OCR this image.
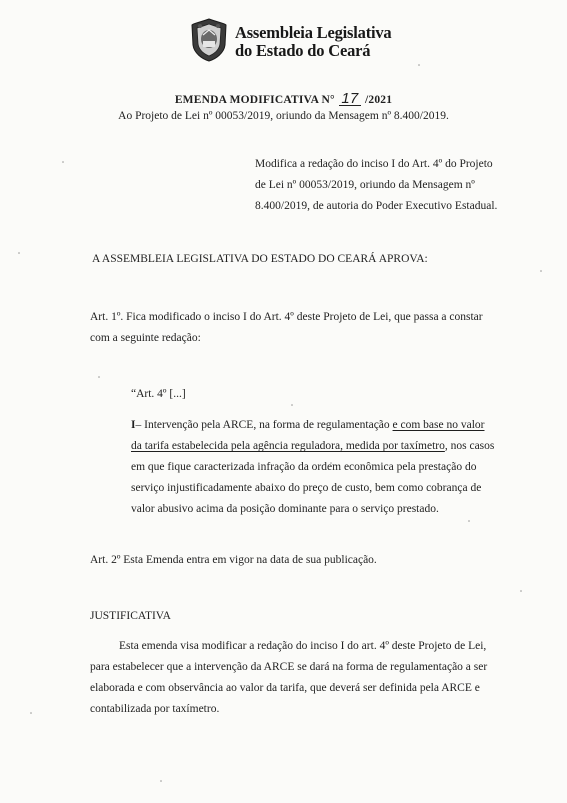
Assembleia Legislativa
do Estado do Ceará
EMENDA MODIFICATIVA N° 17 /2021
Ao Projeto de Lei nº 00053/2019, oriundo da Mensagem nº 8.400/2019.
Modifica a redação do inciso I do Art. 4º do Projeto
de Lei nº 00053/2019, oriundo da Mensagem nº
8.400/2019, de autoria do Poder Executivo Estadual.
A ASSEMBLEIA LEGISLATIVA DO ESTADO DO CEARÁ APROVA:
Art. 1º. Fica modificado o inciso I do Art. 4º deste Projeto de Lei, que passa a constar
com a seguinte redação:
“Art. 4º [...]
I – Intervenção pela ARCE, na forma de regulamentação e com base no valor
da tarifa estabelecida pela agência reguladora, medida por taxímetro , nos casos
em que fique caracterizada infração da ordem econômica pela prestação do
serviço injustificadamente abaixo do preço de custo, bem como cobrança de
valor abusivo acima da posição dominante para o serviço prestado.
Art. 2º Esta Emenda entra em vigor na data de sua publicação.
JUSTIFICATIVA
Esta emenda visa modificar a redação do inciso I do art. 4º deste Projeto de Lei,
para estabelecer que a intervenção da ARCE se dará na forma de regulamentação a ser
elaborada e com observância ao valor da tarifa, que deverá ser definida pela ARCE e
contabilizada por taxímetro.
